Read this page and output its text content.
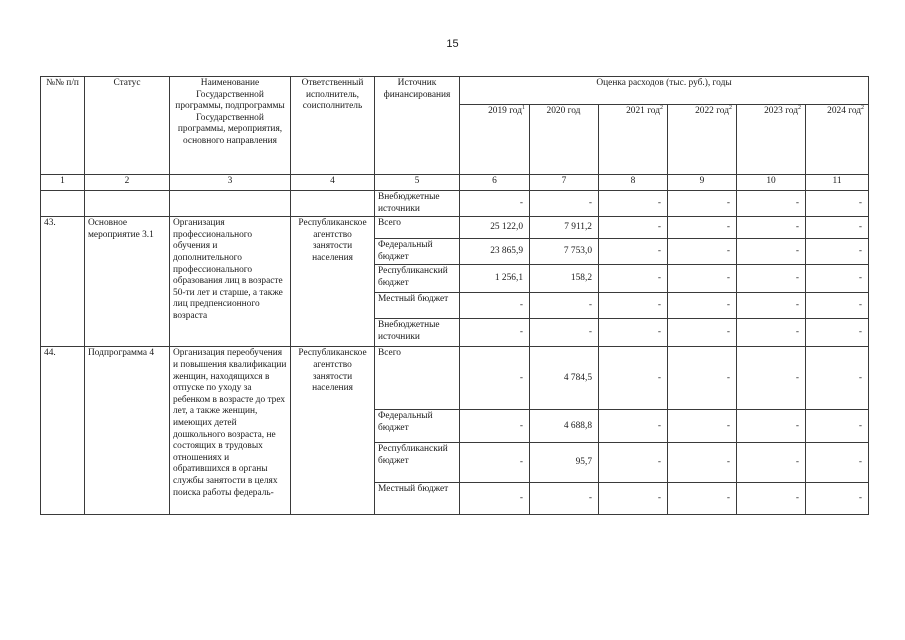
15
№№ п/п	Статус	Наименование Государственной программы, подпрограммы Государственной программы, мероприятия, основного направления	Ответственный исполнитель, соисполнитель	Источник финансирования	Оценка расходов (тыс. руб.), годы					
					2019 год$^1$	2020 год	2021 год$^2$	2022 год$^2$	2023 год$^2$	2024 год$^2$
1	2	3	4	5	6	7	8	9	10	11
				Внебюджетные источники	-	-	-	-	-	-
43.	Основное мероприятие 3.1	Организация профессионального обучения и дополнительного профессионального образования лиц в возрасте 50-ти лет и старше, а также лиц предпенсионного возраста	Республиканское агентство занятости населения	Всего	25 122,0	7 911,2	-	-	-	-
				Федеральный бюджет	23 865,9	7 753,0	-	-	-	-
				Республиканский бюджет	1 256,1	158,2	-	-	-	-
				Местный бюджет	-	-	-	-	-	-
				Внебюджетные источники	-	-	-	-	-	-
44.	Подпрограмма 4	Организация переобучения и повышения квалификации женщин, находящихся в отпуске по уходу за ребенком в возрасте до трех лет, а также женщин, имеющих детей дошкольного возраста, не состоящих в трудовых отношениях и обратившихся в органы службы занятости в целях поиска работы федераль-	Республиканское агентство занятости населения	Всего	-	4 784,5	-	-	-	-
				Федеральный бюджет	-	4 688,8	-	-	-	-
				Республиканский бюджет	-	95,7	-	-	-	-
				Местный бюджет	-	-	-	-	-	-
